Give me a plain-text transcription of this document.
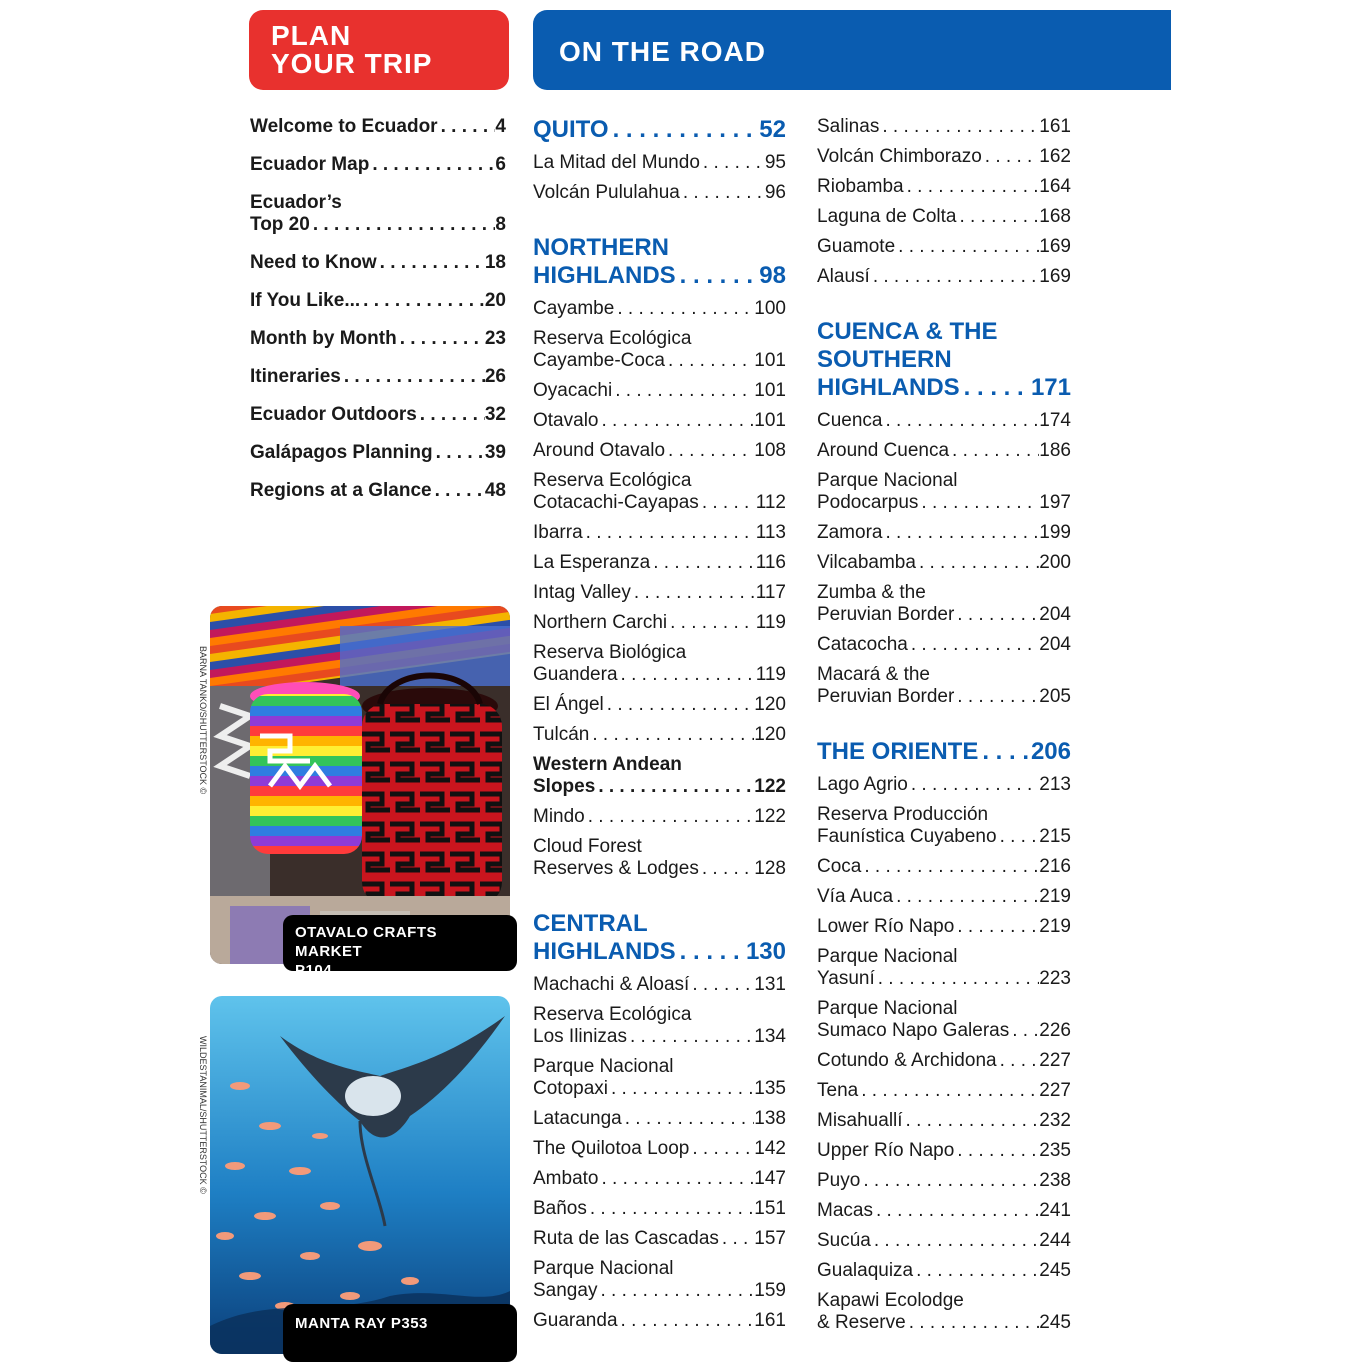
PLAN
YOUR TRIP	ON THE ROAD
Welcome to Ecuador . . .	4
Ecuador Map . . .	6
Ecuador’s
Top 20 . . .	8
Need to Know . . .	18
If You Like... . . .	20
Month by Month . . .	23
Itineraries . . .	26
Ecuador Outdoors . . .	32
Galápagos Planning . . .	39
Regions at a Glance . . .	48
QUITO . . .	52
La Mitad del Mundo . . .	95
Volcán Pululahua . . .	96
NORTHERN
HIGHLANDS . . .	98
Cayambe . . .	100
Reserva Ecológica
Cayambe-Coca . . .	101
Oyacachi . . .	101
Otavalo . . .	101
Around Otavalo . . .	108
Reserva Ecológica
Cotacachi-Cayapas . . .	112
Ibarra . . .	113
La Esperanza . . .	116
Intag Valley . . .	117
Northern Carchi . . .	119
Reserva Biológica
Guandera . . .	119
El Ángel . . .	120
Tulcán . . .	120
Western Andean
Slopes . . .	122
Mindo . . .	122
Cloud Forest
Reserves & Lodges . . .	128
CENTRAL
HIGHLANDS . . .	130
Machachi & Aloasí . . .	131
Reserva Ecológica
Los Ilinizas . . .	134
Parque Nacional
Cotopaxi . . .	135
Latacunga . . .	138
The Quilotoa Loop . . .	142
Ambato . . .	147
Baños . . .	151
Ruta de las Cascadas . . . 157
Parque Nacional
Sangay . . .	159
Guaranda . . .	161
Salinas . . .	161
Volcán Chimborazo . . .	162
Riobamba . . .	164
Laguna de Colta . . .	168
Guamote . . .	169
Alausí . . .	169
CUENCA & THE
SOUTHERN
HIGHLANDS . . .	171
Cuenca . . .	174
Around Cuenca . . .	186
Parque Nacional
Podocarpus . . .	197
Zamora . . .	199
Vilcabamba . . .	200
Zumba & the
Peruvian Border . . .	204
Catacocha . . .	204
Macará & the
Peruvian Border . . .	205
THE ORIENTE . . . 206
Lago Agrio . . .	213
Reserva Producción
Faunística Cuyabeno . . . 215
Coca . . .	216
Vía Auca . . .	219
Lower Río Napo . . .	219
Parque Nacional
Yasuní . . .	223
Parque Nacional
Sumaco Napo Galeras . . . 226
Cotundo & Archidona . . . 227
Tena . . .	227
Misahuallí . . .	232
Upper Río Napo . . .	235
Puyo . . .	238
Macas . . .	241
Sucúa . . .	244
Gualaquiza . . .	245
Kapawi Ecolodge
& Reserve . . .	245
BARNA TANKO/SHUTTERSTOCK ©
OTAVALO CRAFTS MARKET
P104
WILDESTANIMAL/SHUTTERSTOCK ©
MANTA RAY P353
